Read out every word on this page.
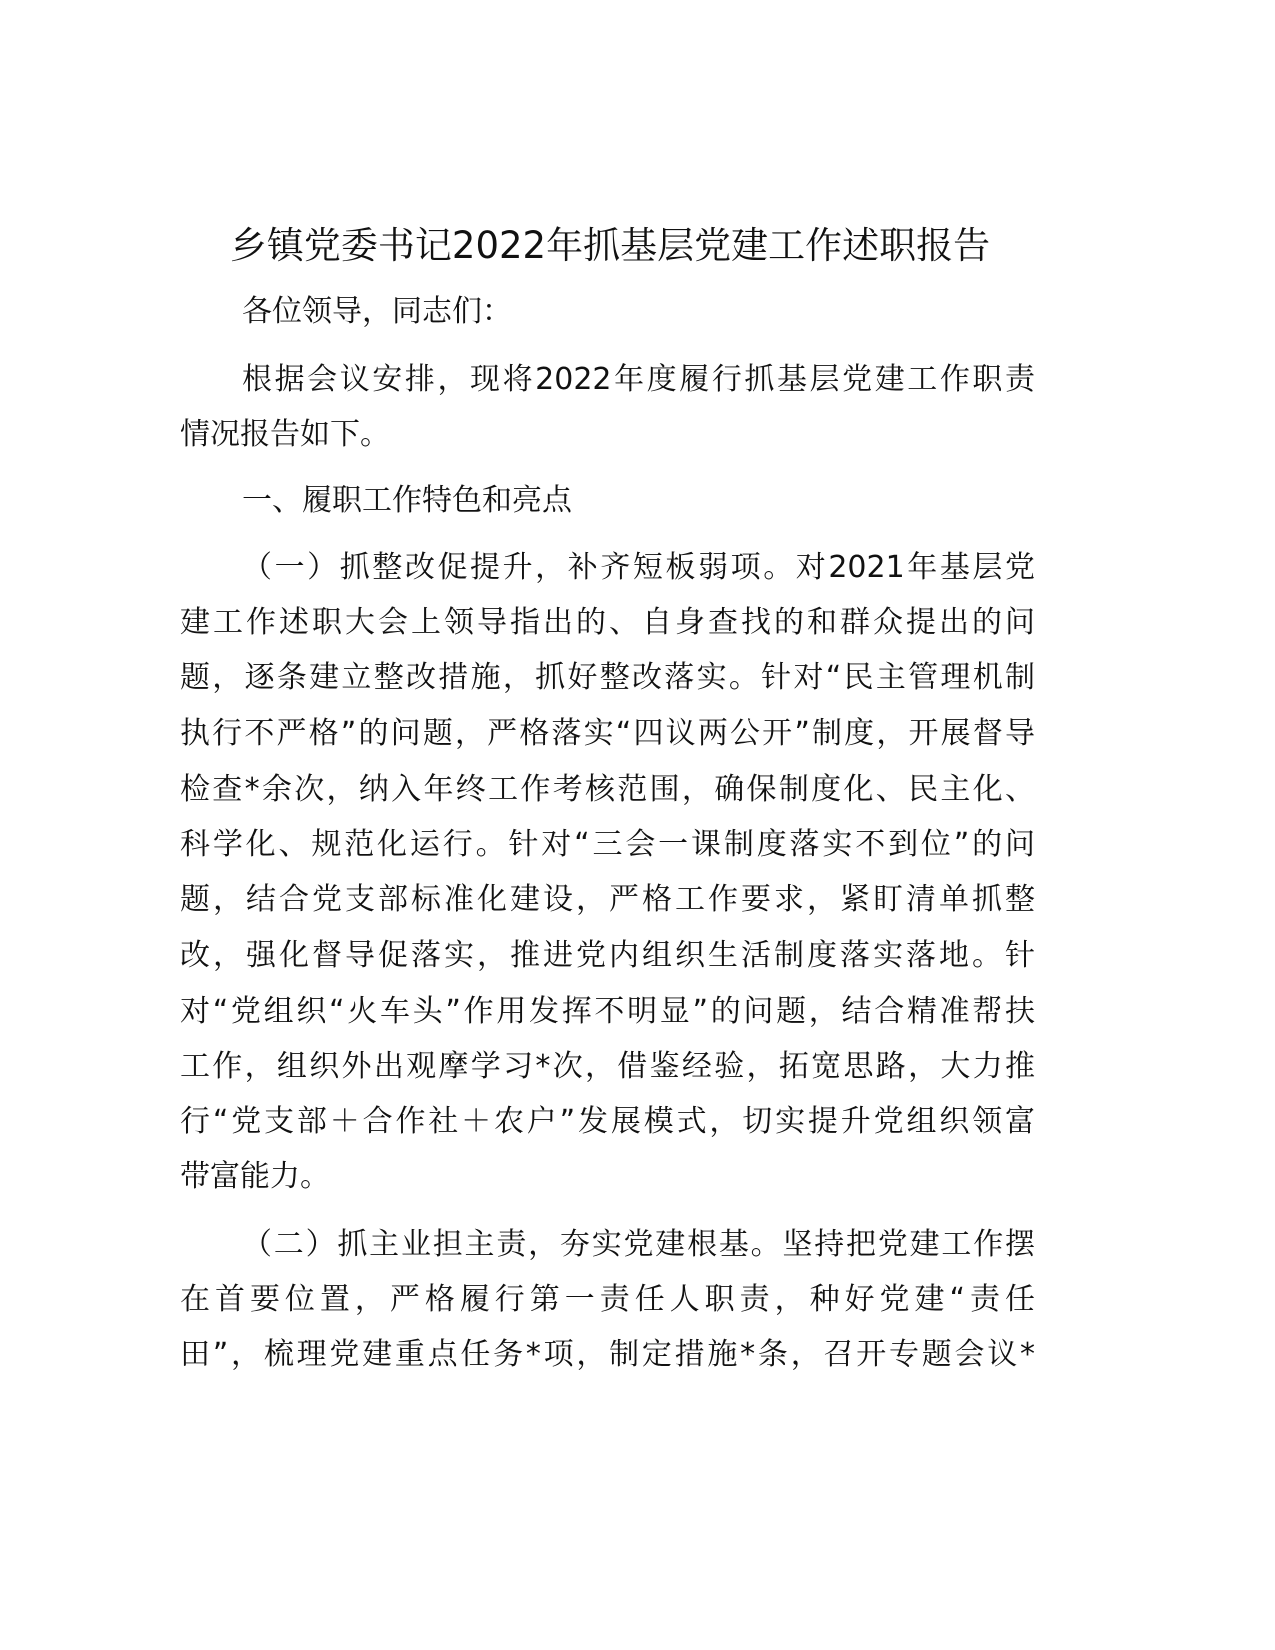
乡镇党委书记2022年抓基层党建工作述职报告
各位领导，同志们：
根据会议安排，现将2022年度履行抓基层党建工作职责
情况报告如下。
一、履职工作特色和亮点
（一）抓整改促提升，补齐短板弱项。对2021年基层党
建工作述职大会上领导指出的、自身查找的和群众提出的问
题，逐条建立整改措施，抓好整改落实。针对“民主管理机制
执行不严格”的问题，严格落实“四议两公开”制度，开展督导
检查*余次，纳入年终工作考核范围，确保制度化、民主化、
科学化、规范化运行。针对“三会一课制度落实不到位”的问
题，结合党支部标准化建设，严格工作要求，紧盯清单抓整
改，强化督导促落实，推进党内组织生活制度落实落地。针
对“党组织“火车头”作用发挥不明显”的问题，结合精准帮扶
工作，组织外出观摩学习*次，借鉴经验，拓宽思路，大力推
行“党支部＋合作社＋农户”发展模式，切实提升党组织领富
带富能力。
（二）抓主业担主责，夯实党建根基。坚持把党建工作摆
在首要位置，严格履行第一责任人职责，种好党建“责任
田”，梳理党建重点任务*项，制定措施*条，召开专题会议*
